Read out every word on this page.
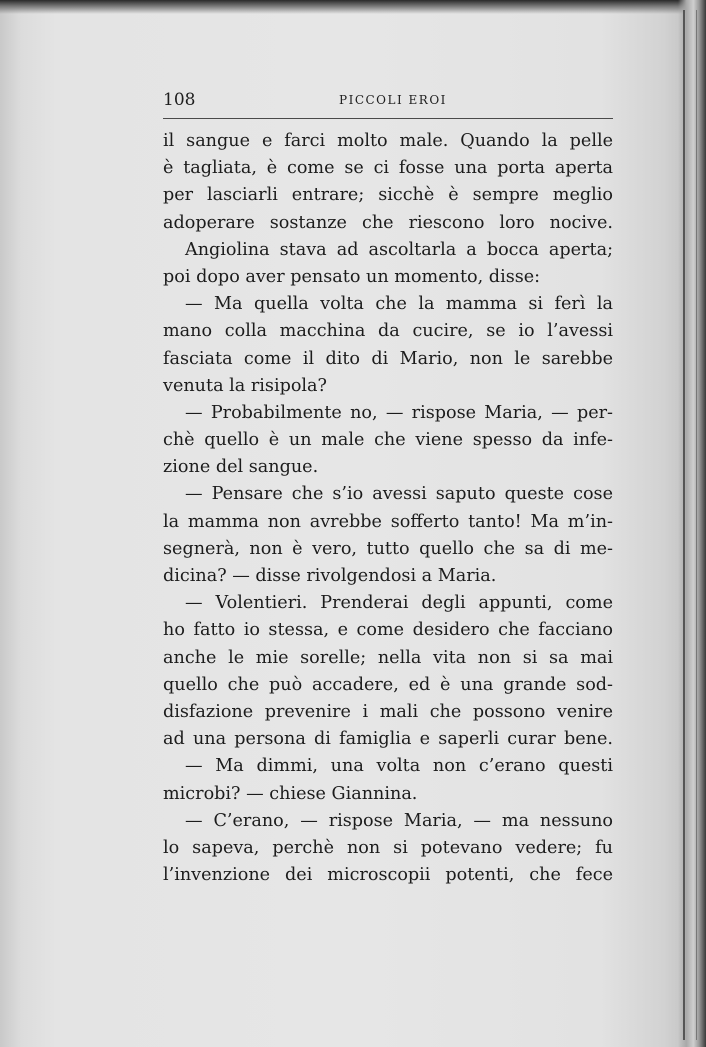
108	PICCOLI EROI
il sangue e farci molto male. Quando la pelle
è tagliata, è come se ci fosse una porta aperta
per lasciarli entrare; sicchè è sempre meglio
adoperare sostanze che riescono loro nocive.
Angiolina stava ad ascoltarla a bocca aperta;
poi dopo aver pensato un momento, disse:
— Ma quella volta che la mamma si ferì la
mano colla macchina da cucire, se io l’avessi
fasciata come il dito di Mario, non le sarebbe
venuta la risipola?
— Probabilmente no, — rispose Maria, — per-
chè quello è un male che viene spesso da infe-
zione del sangue.
— Pensare che s’io avessi saputo queste cose
la mamma non avrebbe sofferto tanto! Ma m’in-
segnerà, non è vero, tutto quello che sa di me-
dicina? — disse rivolgendosi a Maria.
— Volentieri. Prenderai degli appunti, come
ho fatto io stessa, e come desidero che facciano
anche le mie sorelle; nella vita non si sa mai
quello che può accadere, ed è una grande sod-
disfazione prevenire i mali che possono venire
ad una persona di famiglia e saperli curar bene.
— Ma dimmi, una volta non c’erano questi
microbi? — chiese Giannina.
— C’erano, — rispose Maria, — ma nessuno
lo sapeva, perchè non si potevano vedere; fu
l’invenzione dei microscopii potenti, che fece
